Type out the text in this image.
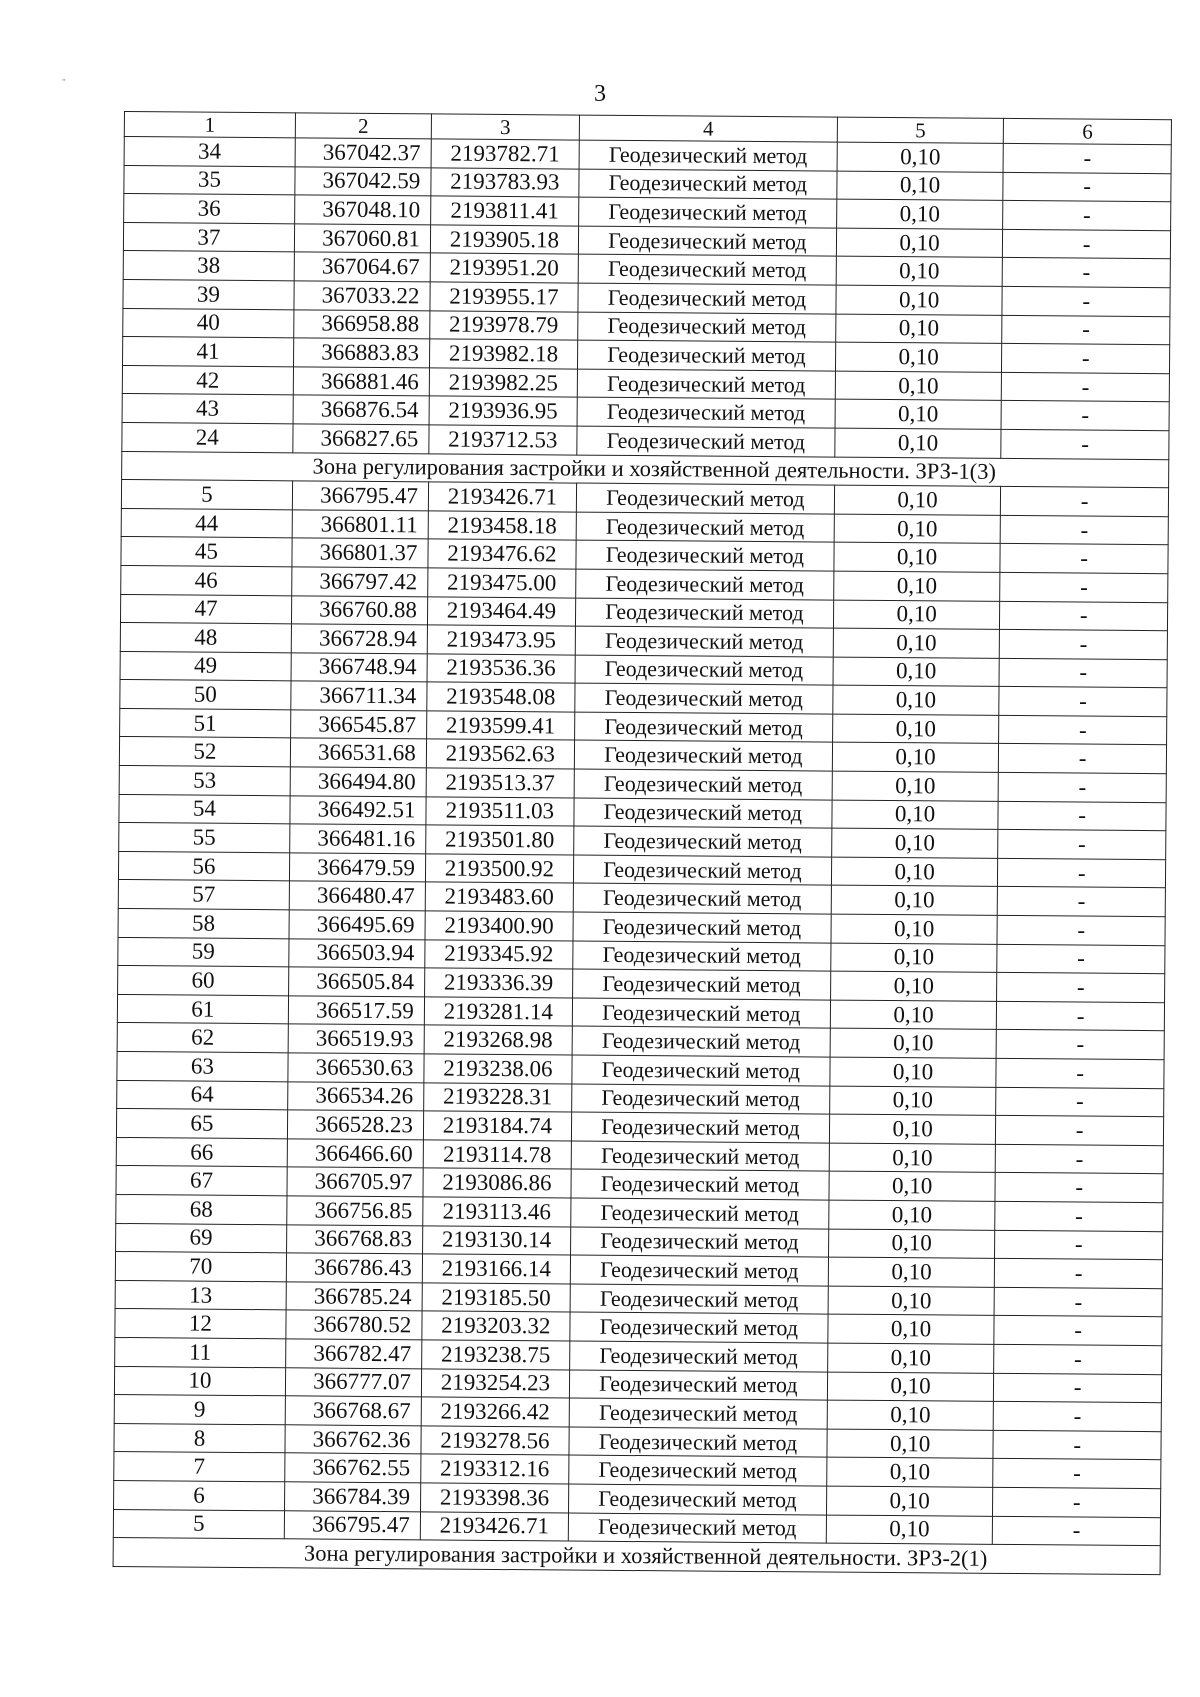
„
3
1	2	3	4	5	6
34	367042.37	2193782.71	Геодезический метод	0,10	-
35	367042.59	2193783.93	Геодезический метод	0,10	-
36	367048.10	2193811.41	Геодезический метод	0,10	-
37	367060.81	2193905.18	Геодезический метод	0,10	-
38	367064.67	2193951.20	Геодезический метод	0,10	-
39	367033.22	2193955.17	Геодезический метод	0,10	-
40	366958.88	2193978.79	Геодезический метод	0,10	-
41	366883.83	2193982.18	Геодезический метод	0,10	-
42	366881.46	2193982.25	Геодезический метод	0,10	-
43	366876.54	2193936.95	Геодезический метод	0,10	-
24	366827.65	2193712.53	Геодезический метод	0,10	-
Зона регулирования застройки и хозяйственной деятельности. ЗРЗ-1(3)					
5	366795.47	2193426.71	Геодезический метод	0,10	-
44	366801.11	2193458.18	Геодезический метод	0,10	-
45	366801.37	2193476.62	Геодезический метод	0,10	-
46	366797.42	2193475.00	Геодезический метод	0,10	-
47	366760.88	2193464.49	Геодезический метод	0,10	-
48	366728.94	2193473.95	Геодезический метод	0,10	-
49	366748.94	2193536.36	Геодезический метод	0,10	-
50	366711.34	2193548.08	Геодезический метод	0,10	-
51	366545.87	2193599.41	Геодезический метод	0,10	-
52	366531.68	2193562.63	Геодезический метод	0,10	-
53	366494.80	2193513.37	Геодезический метод	0,10	-
54	366492.51	2193511.03	Геодезический метод	0,10	-
55	366481.16	2193501.80	Геодезический метод	0,10	-
56	366479.59	2193500.92	Геодезический метод	0,10	-
57	366480.47	2193483.60	Геодезический метод	0,10	-
58	366495.69	2193400.90	Геодезический метод	0,10	-
59	366503.94	2193345.92	Геодезический метод	0,10	-
60	366505.84	2193336.39	Геодезический метод	0,10	-
61	366517.59	2193281.14	Геодезический метод	0,10	-
62	366519.93	2193268.98	Геодезический метод	0,10	-
63	366530.63	2193238.06	Геодезический метод	0,10	-
64	366534.26	2193228.31	Геодезический метод	0,10	-
65	366528.23	2193184.74	Геодезический метод	0,10	-
66	366466.60	2193114.78	Геодезический метод	0,10	-
67	366705.97	2193086.86	Геодезический метод	0,10	-
68	366756.85	2193113.46	Геодезический метод	0,10	-
69	366768.83	2193130.14	Геодезический метод	0,10	-
70	366786.43	2193166.14	Геодезический метод	0,10	-
13	366785.24	2193185.50	Геодезический метод	0,10	-
12	366780.52	2193203.32	Геодезический метод	0,10	-
11	366782.47	2193238.75	Геодезический метод	0,10	-
10	366777.07	2193254.23	Геодезический метод	0,10	-
9	366768.67	2193266.42	Геодезический метод	0,10	-
8	366762.36	2193278.56	Геодезический метод	0,10	-
7	366762.55	2193312.16	Геодезический метод	0,10	-
6	366784.39	2193398.36	Геодезический метод	0,10	-
5	366795.47	2193426.71	Геодезический метод	0,10	-
Зона регулирования застройки и хозяйственной деятельности. ЗРЗ-2(1)					
